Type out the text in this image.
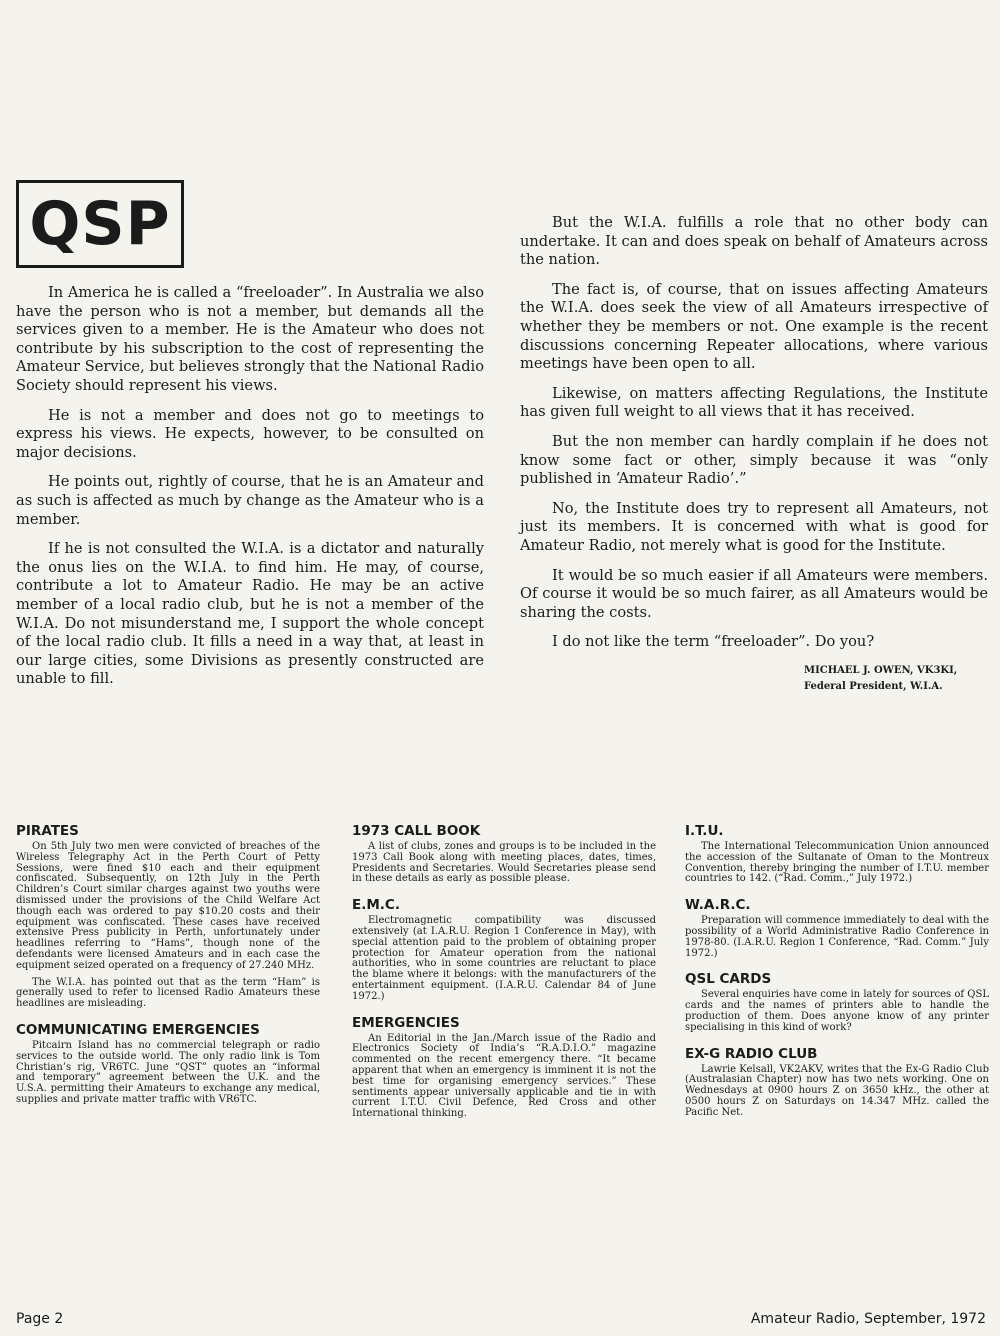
QSP

In America he is called a “freeloader”. In Australia we also have the person who is not a member, but demands all the services given to a member. He is the Amateur who does not contribute by his subscription to the cost of representing the Amateur Service, but believes strongly that the National Radio Society should represent his views.

He is not a member and does not go to meetings to express his views. He expects, however, to be consulted on major decisions.

He points out, rightly of course, that he is an Amateur and as such is affected as much by change as the Amateur who is a member.

If he is not consulted the W.I.A. is a dictator and naturally the onus lies on the W.I.A. to find him. He may, of course, contribute a lot to Amateur Radio. He may be an active member of a local radio club, but he is not a member of the W.I.A. Do not misunderstand me, I support the whole concept of the local radio club. It fills a need in a way that, at least in our large cities, some Divisions as presently constructed are unable to fill.

But the W.I.A. fulfills a role that no other body can undertake. It can and does speak on behalf of Amateurs across the nation.

The fact is, of course, that on issues affecting Amateurs the W.I.A. does seek the view of all Amateurs irrespective of whether they be members or not. One example is the recent discussions concerning Repeater allocations, where various meetings have been open to all.

Likewise, on matters affecting Regulations, the Institute has given full weight to all views that it has received.

But the non member can hardly complain if he does not know some fact or other, simply because it was “only published in ‘Amateur Radio’.”

No, the Institute does try to represent all Amateurs, not just its members. It is concerned with what is good for Amateur Radio, not merely what is good for the Institute.

It would be so much easier if all Amateurs were members. Of course it would be so much fairer, as all Amateurs would be sharing the costs.

I do not like the term “freeloader”. Do you?

MICHAEL J. OWEN, VK3KI,
Federal President, W.I.A.
PIRATES

On 5th July two men were convicted of breaches of the Wireless Telegraphy Act in the Perth Court of Petty Sessions, were fined $10 each and their equipment confiscated. Subsequently, on 12th July in the Perth Children’s Court similar charges against two youths were dismissed under the provisions of the Child Welfare Act though each was ordered to pay $10.20 costs and their equipment was confiscated. These cases have received extensive Press publicity in Perth, unfortunately under headlines referring to “Hams”, though none of the defendants were licensed Amateurs and in each case the equipment seized operated on a frequency of 27.240 MHz.

The W.I.A. has pointed out that as the term “Ham” is generally used to refer to licensed Radio Amateurs these headlines are misleading.

COMMUNICATING EMERGENCIES

Pitcairn Island has no commercial telegraph or radio services to the outside world. The only radio link is Tom Christian’s rig, VR6TC. June “QST” quotes an “informal and temporary” agreement between the U.K. and the U.S.A. permitting their Amateurs to exchange any medical, supplies and private matter traffic with VR6TC.

1973 CALL BOOK

A list of clubs, zones and groups is to be included in the 1973 Call Book along with meeting places, dates, times, Presidents and Secretaries. Would Secretaries please send in these details as early as possible please.

E.M.C.

Electromagnetic compatibility was discussed extensively (at I.A.R.U. Region 1 Conference in May), with special attention paid to the problem of obtaining proper protection for Amateur operation from the national authorities, who in some countries are reluctant to place the blame where it belongs: with the manufacturers of the entertainment equipment. (I.A.R.U. Calendar 84 of June 1972.)

EMERGENCIES

An Editorial in the Jan./March issue of the Radio and Electronics Society of India’s “R.A.D.I.O.” magazine commented on the recent emergency there. “It became apparent that when an emergency is imminent it is not the best time for organising emergency services.” These sentiments appear universally applicable and tie in with current I.T.U. Civil Defence, Red Cross and other International thinking.

I.T.U.

The International Telecommunication Union announced the accession of the Sultanate of Oman to the Montreux Convention, thereby bringing the number of I.T.U. member countries to 142. (“Rad. Comm.,” July 1972.)

W.A.R.C.

Preparation will commence immediately to deal with the possibility of a World Administrative Radio Conference in 1978-80. (I.A.R.U. Region 1 Conference, “Rad. Comm.” July 1972.)

QSL CARDS

Several enquiries have come in lately for sources of QSL cards and the names of printers able to handle the production of them. Does anyone know of any printer specialising in this kind of work?

EX-G RADIO CLUB

Lawrie Kelsall, VK2AKV, writes that the Ex-G Radio Club (Australasian Chapter) now has two nets working. One on Wednesdays at 0900 hours Z on 3650 kHz., the other at 0500 hours Z on Saturdays on 14.347 MHz. called the Pacific Net.

Page 2	Amateur Radio, September, 1972
